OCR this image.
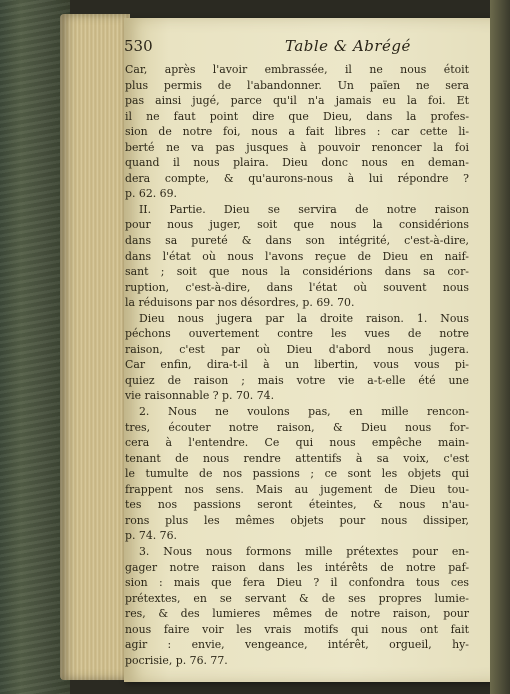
530	Table & Abrégé
Car, après l'avoir embrassée, il ne nous étoit
plus permis de l'abandonner. Un païen ne sera
pas ainsi jugé, parce qu'il n'a jamais eu la foi. Et
il ne faut point dire que Dieu, dans la profes-
sion de notre foi, nous a fait libres : car cette li-
berté ne va pas jusques à pouvoir renoncer la foi
quand il nous plaira. Dieu donc nous en deman-
dera compte, & qu'aurons-nous à lui répondre ?
p. 62. 69.
II. Partie. Dieu se servira de notre raison
pour nous juger, soit que nous la considérions
dans sa pureté & dans son intégrité, c'est-à-dire,
dans l'état où nous l'avons reçue de Dieu en naif-
sant ; soit que nous la considérions dans sa cor-
ruption, c'est-à-dire, dans l'état où souvent nous
la réduisons par nos désordres, p. 69. 70.
Dieu nous jugera par la droite raison. 1. Nous
péchons ouvertement contre les vues de notre
raison, c'est par où Dieu d'abord nous jugera.
Car enfin, dira-t-il à un libertin, vous vous pi-
quiez de raison ; mais votre vie a-t-elle été une
vie raisonnable ? p. 70. 74.
2. Nous ne voulons pas, en mille rencon-
tres, écouter notre raison, & Dieu nous for-
cera à l'entendre. Ce qui nous empêche main-
tenant de nous rendre attentifs à sa voix, c'est
le tumulte de nos passions ; ce sont les objets qui
frappent nos sens. Mais au jugement de Dieu tou-
tes nos passions seront éteintes, & nous n'au-
rons plus les mêmes objets pour nous dissiper,
p. 74. 76.
3. Nous nous formons mille prétextes pour en-
gager notre raison dans les intérêts de notre paf-
sion : mais que fera Dieu ? il confondra tous ces
prétextes, en se servant & de ses propres lumie-
res, & des lumieres mêmes de notre raison, pour
nous faire voir les vrais motifs qui nous ont fait
agir : envie, vengeance, intérêt, orgueil, hy-
pocrisie, p. 76. 77.
